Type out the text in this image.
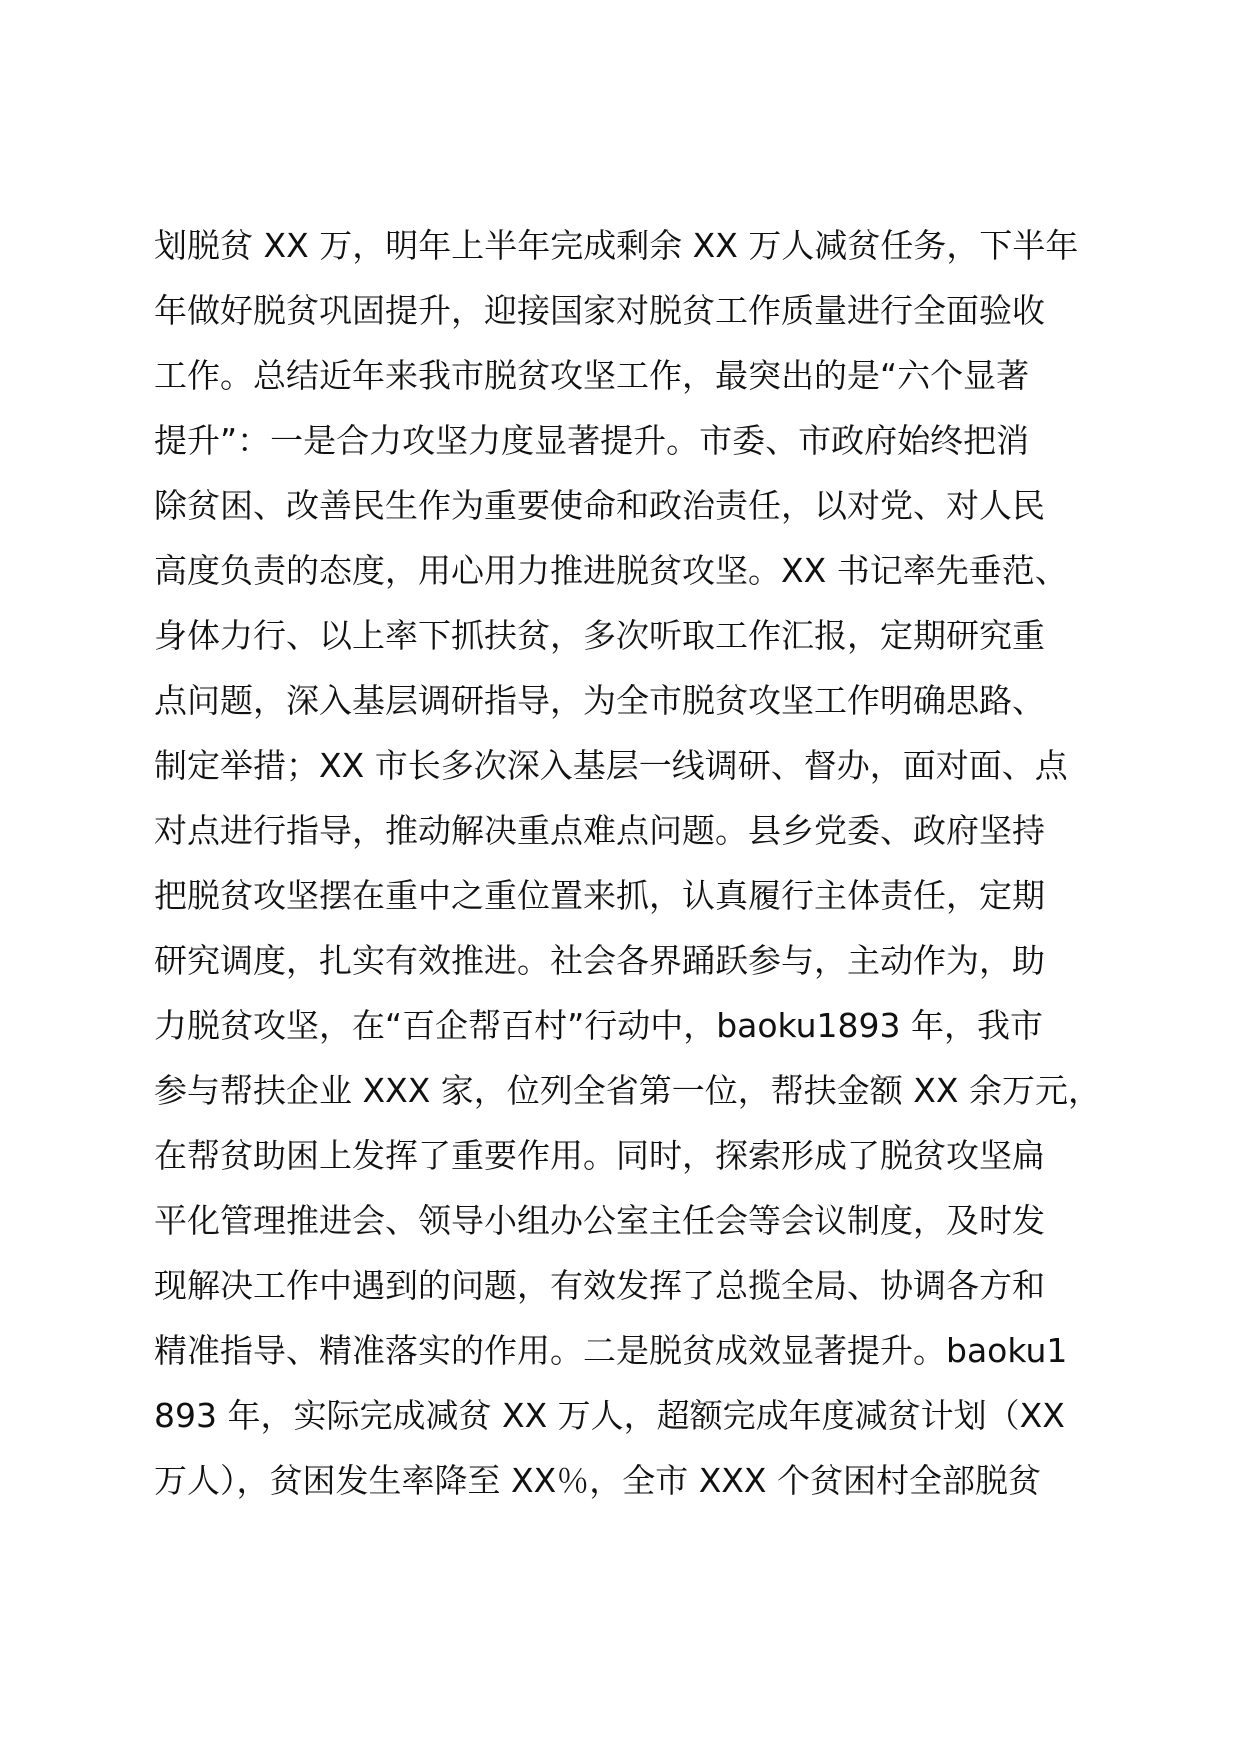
划脱贫 XX 万，明年上半年完成剩余 XX 万人减贫任务，下半年
年做好脱贫巩固提升，迎接国家对脱贫工作质量进行全面验收
工作。总结近年来我市脱贫攻坚工作，最突出的是“六个显著
提升”：一是合力攻坚力度显著提升。市委、市政府始终把消
除贫困、改善民生作为重要使命和政治责任，以对党、对人民
高度负责的态度，用心用力推进脱贫攻坚。XX 书记率先垂范、
身体力行、以上率下抓扶贫，多次听取工作汇报，定期研究重
点问题，深入基层调研指导，为全市脱贫攻坚工作明确思路、
制定举措；XX 市长多次深入基层一线调研、督办，面对面、点
对点进行指导，推动解决重点难点问题。县乡党委、政府坚持
把脱贫攻坚摆在重中之重位置来抓，认真履行主体责任，定期
研究调度，扎实有效推进。社会各界踊跃参与，主动作为，助
力脱贫攻坚，在“百企帮百村”行动中，baoku1893 年，我市
参与帮扶企业 XXX 家，位列全省第一位，帮扶金额 XX 余万元，
在帮贫助困上发挥了重要作用。同时，探索形成了脱贫攻坚扁
平化管理推进会、领导小组办公室主任会等会议制度，及时发
现解决工作中遇到的问题，有效发挥了总揽全局、协调各方和
精准指导、精准落实的作用。二是脱贫成效显著提升。baoku1
893 年，实际完成减贫 XX 万人，超额完成年度减贫计划（XX
万人），贫困发生率降至 XX％，全市 XXX 个贫困村全部脱贫
